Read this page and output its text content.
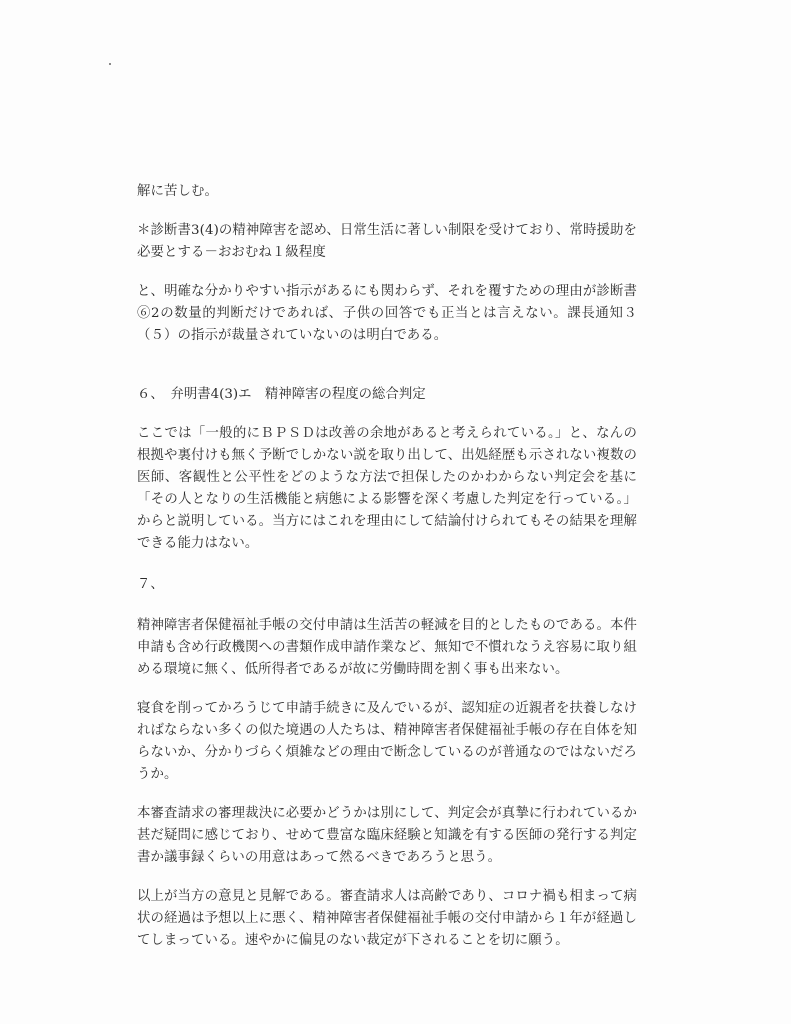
解に苦しむ。

＊診断書3(4)の精神障害を認め、日常生活に著しい制限を受けており、常時援助を必要とする－おおむね１級程度

と、明確な分かりやすい指示があるにも関わらず、それを覆すための理由が診断書⑥2の数量的判断だけであれば、子供の回答でも正当とは言えない。課長通知３（５）の指示が裁量されていないのは明白である。

６、　弁明書4(3)エ　精神障害の程度の総合判定

ここでは「一般的にＢＰＳＤは改善の余地があると考えられている。」と、なんの根拠や裏付けも無く予断でしかない説を取り出して、出処経歴も示されない複数の医師、客観性と公平性をどのような方法で担保したのかわからない判定会を基に「その人となりの生活機能と病態による影響を深く考慮した判定を行っている。」からと説明している。当方にはこれを理由にして結論付けられてもその結果を理解できる能力はない。

７、

精神障害者保健福祉手帳の交付申請は生活苦の軽減を目的としたものである。本件申請も含め行政機関への書類作成申請作業など、無知で不慣れなうえ容易に取り組める環境に無く、低所得者であるが故に労働時間を割く事も出来ない。

寝食を削ってかろうじて申請手続きに及んでいるが、認知症の近親者を扶養しなければならない多くの似た境遇の人たちは、精神障害者保健福祉手帳の存在自体を知らないか、分かりづらく煩雑などの理由で断念しているのが普通なのではないだろうか。

本審査請求の審理裁決に必要かどうかは別にして、判定会が真摯に行われているか甚だ疑問に感じており、せめて豊富な臨床経験と知識を有する医師の発行する判定書か議事録くらいの用意はあって然るべきであろうと思う。

以上が当方の意見と見解である。審査請求人は高齢であり、コロナ禍も相まって病状の経過は予想以上に悪く、精神障害者保健福祉手帳の交付申請から１年が経過してしまっている。速やかに偏見のない裁定が下されることを切に願う。
